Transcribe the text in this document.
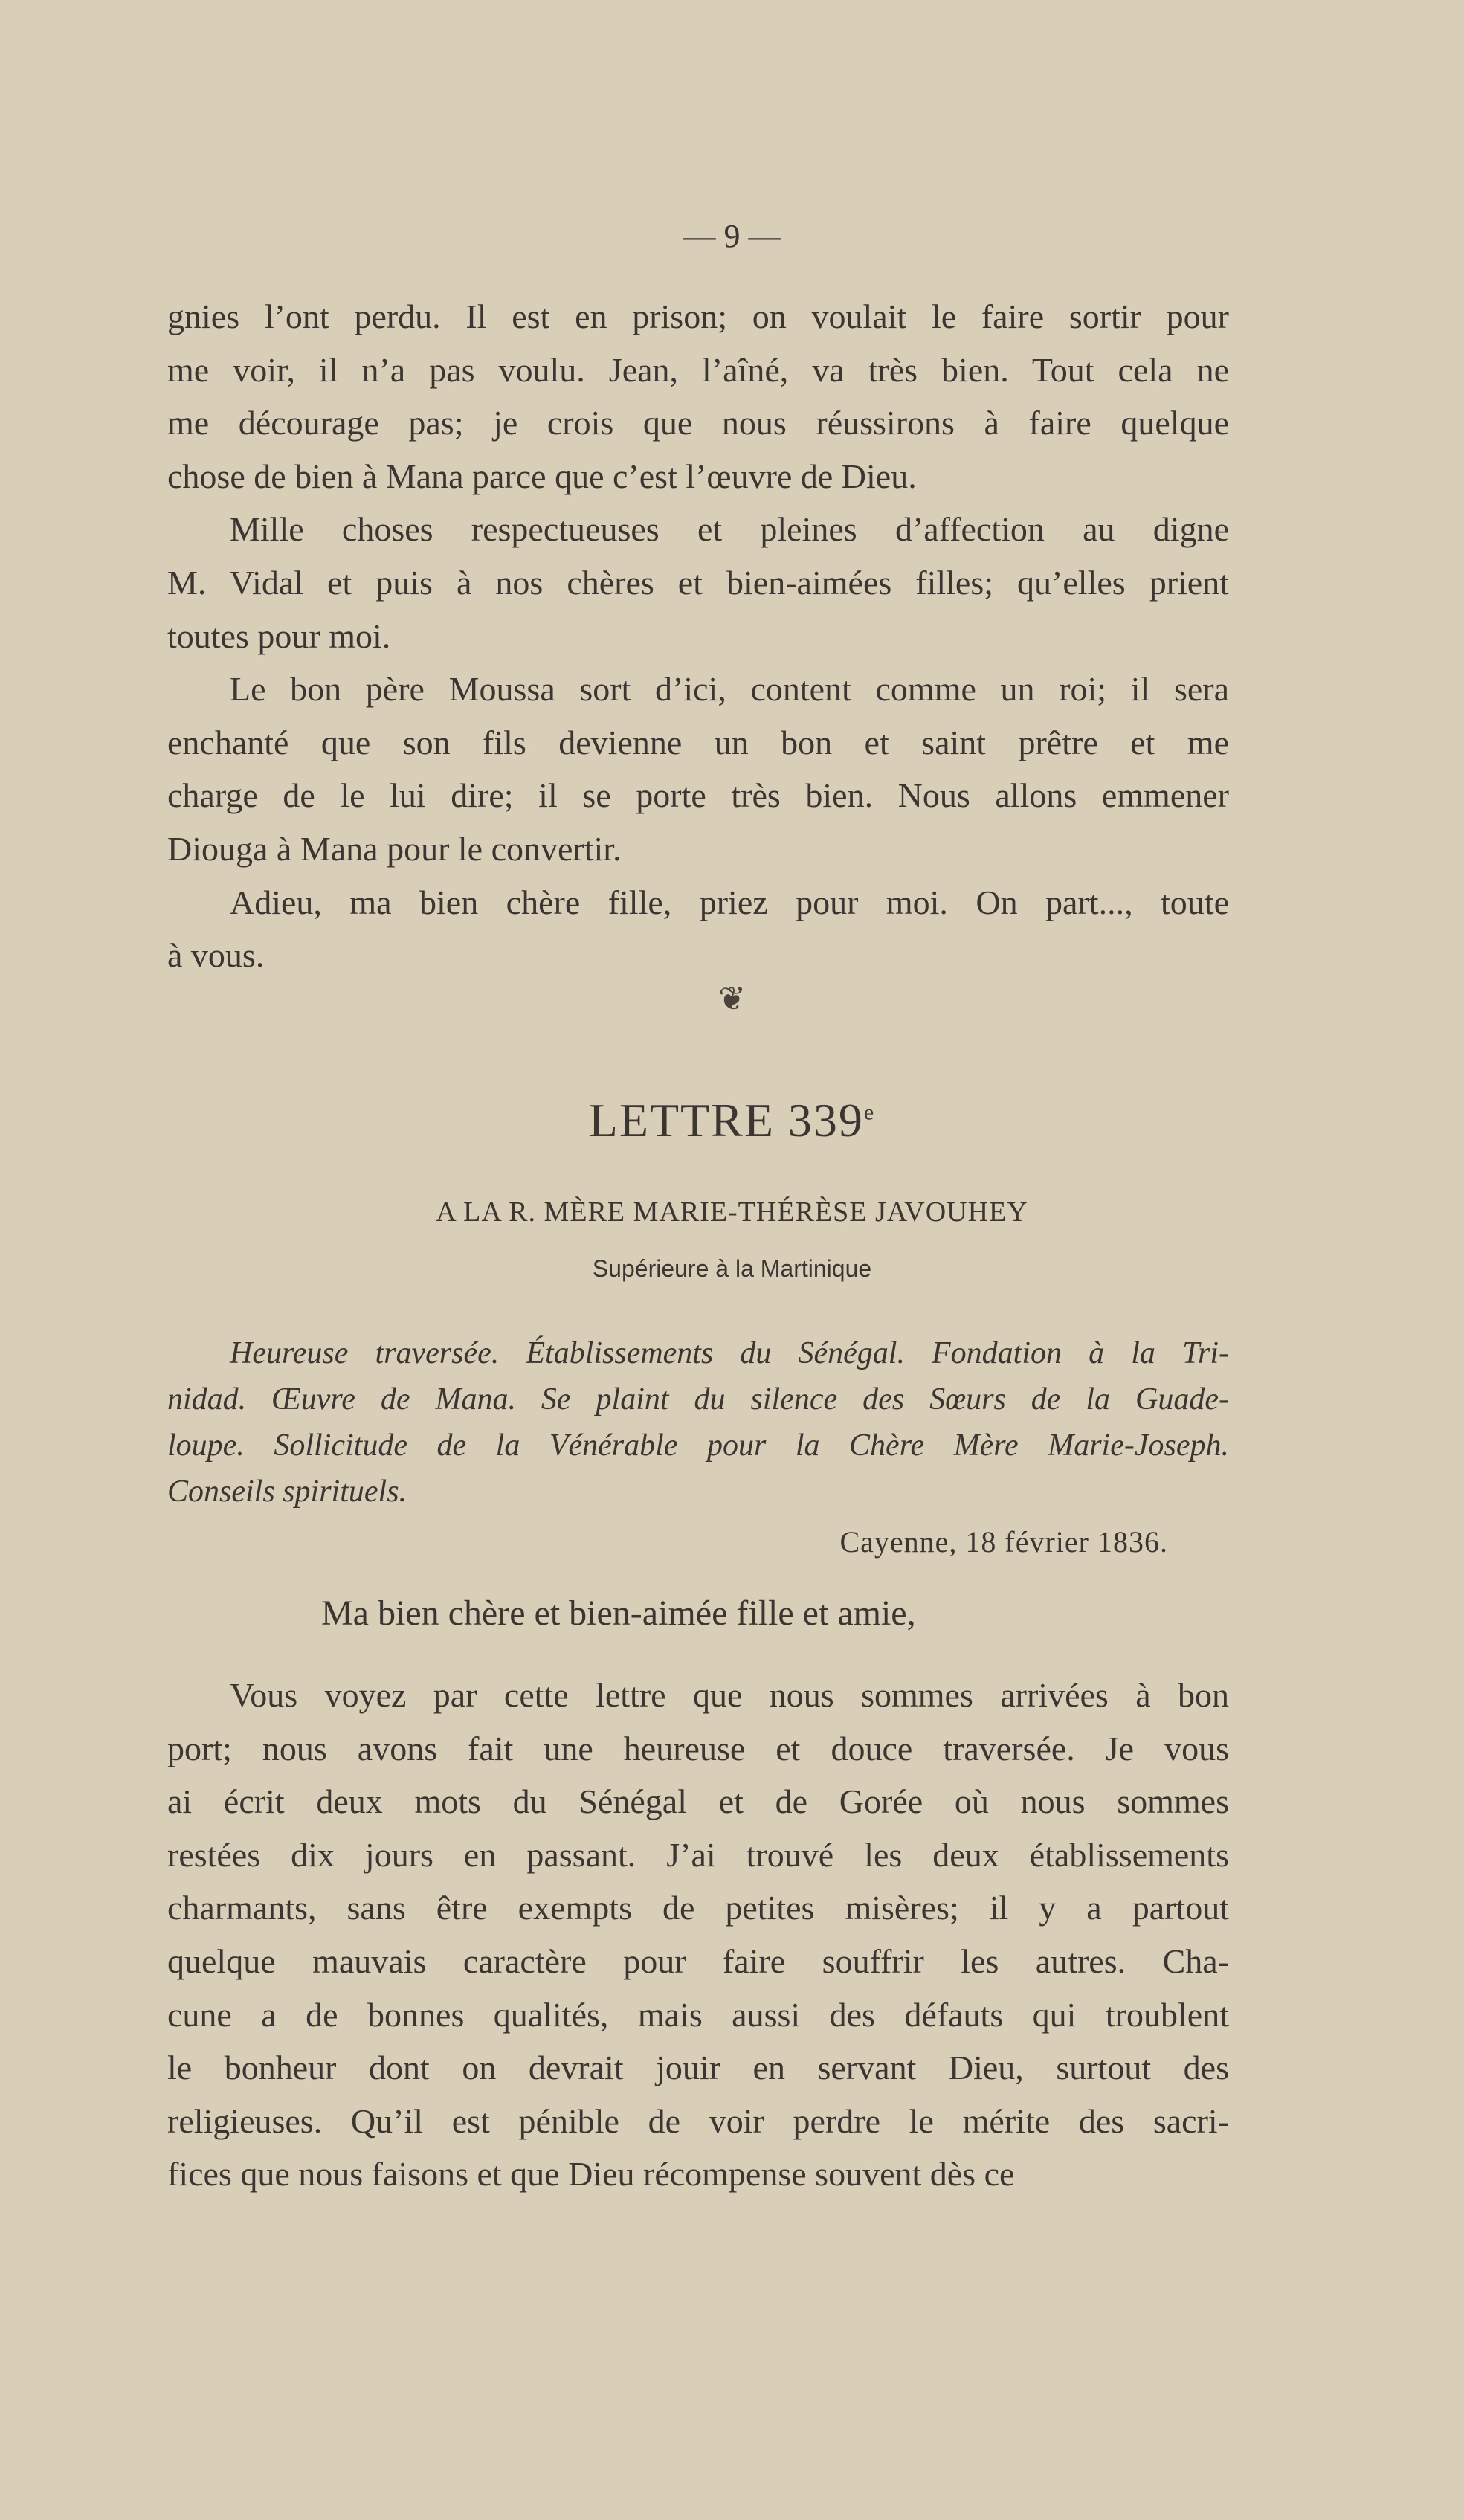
— 9 —
gnies l’ont perdu. Il est en prison; on voulait le faire sortir pour
me voir, il n’a pas voulu. Jean, l’aîné, va très bien. Tout cela ne
me décourage pas; je crois que nous réussirons à faire quelque
chose de bien à Mana parce que c’est l’œuvre de Dieu.
Mille choses respectueuses et pleines d’affection au digne
M. Vidal et puis à nos chères et bien-aimées filles; qu’elles prient
toutes pour moi.
Le bon père Moussa sort d’ici, content comme un roi; il sera
enchanté que son fils devienne un bon et saint prêtre et me
charge de le lui dire; il se porte très bien. Nous allons emmener
Diouga à Mana pour le convertir.
Adieu, ma bien chère fille, priez pour moi. On part..., toute
à vous.
❦
LETTRE 339e
A LA R. MÈRE MARIE-THÉRÈSE JAVOUHEY
Supérieure à la Martinique
Heureuse traversée. Établissements du Sénégal. Fondation à la Tri-
nidad. Œuvre de Mana. Se plaint du silence des Sœurs de la Guade-
loupe. Sollicitude de la Vénérable pour la Chère Mère Marie-Joseph.
Conseils spirituels.
Cayenne, 18 février 1836.
Ma bien chère et bien-aimée fille et amie,
Vous voyez par cette lettre que nous sommes arrivées à bon
port; nous avons fait une heureuse et douce traversée. Je vous
ai écrit deux mots du Sénégal et de Gorée où nous sommes
restées dix jours en passant. J’ai trouvé les deux établissements
charmants, sans être exempts de petites misères; il y a partout
quelque mauvais caractère pour faire souffrir les autres. Cha-
cune a de bonnes qualités, mais aussi des défauts qui troublent
le bonheur dont on devrait jouir en servant Dieu, surtout des
religieuses. Qu’il est pénible de voir perdre le mérite des sacri-
fices que nous faisons et que Dieu récompense souvent dès ce
